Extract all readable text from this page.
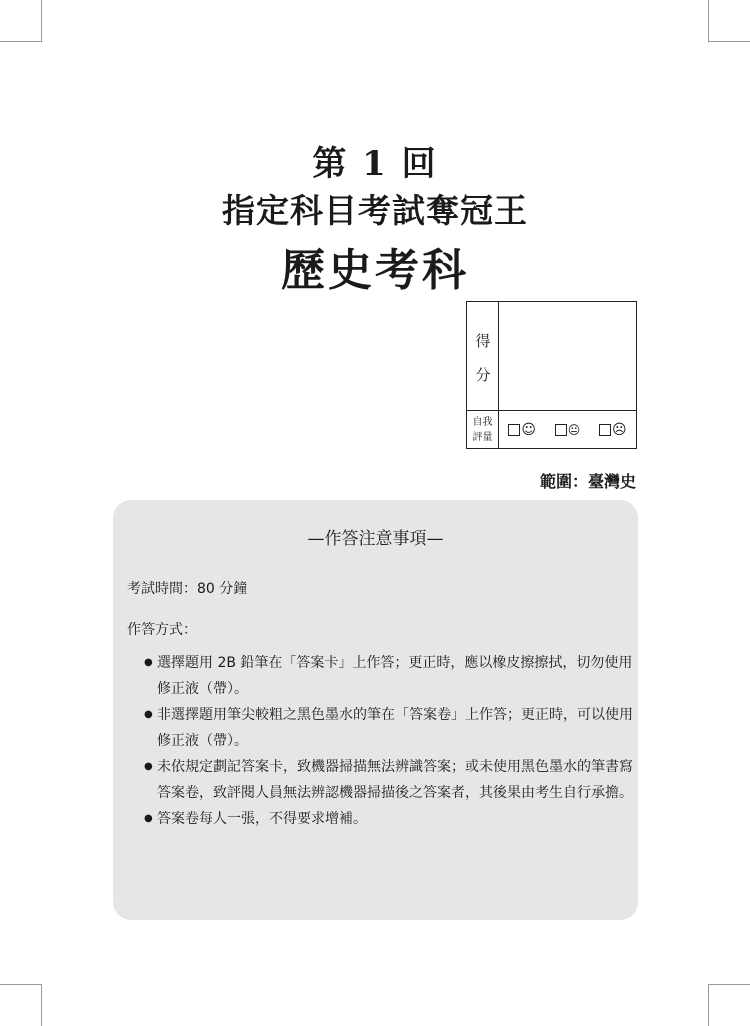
第 1 回
指定科目考試奪冠王
歷史考科
得
分
自我
評量	☺	😐 ☹
範圍：臺灣史
—作答注意事項—
考試時間：80 分鐘
作答方式：
● 選擇題用 2B 鉛筆在「答案卡」上作答；更正時，應以橡皮擦擦拭，切勿使用修正液（帶）。
● 非選擇題用筆尖較粗之黑色墨水的筆在「答案卷」上作答；更正時，可以使用修正液（帶）。
● 未依規定劃記答案卡，致機器掃描無法辨識答案；或未使用黑色墨水的筆書寫答案卷，致評閱人員無法辨認機器掃描後之答案者，其後果由考生自行承擔。
● 答案卷每人一張，不得要求增補。
